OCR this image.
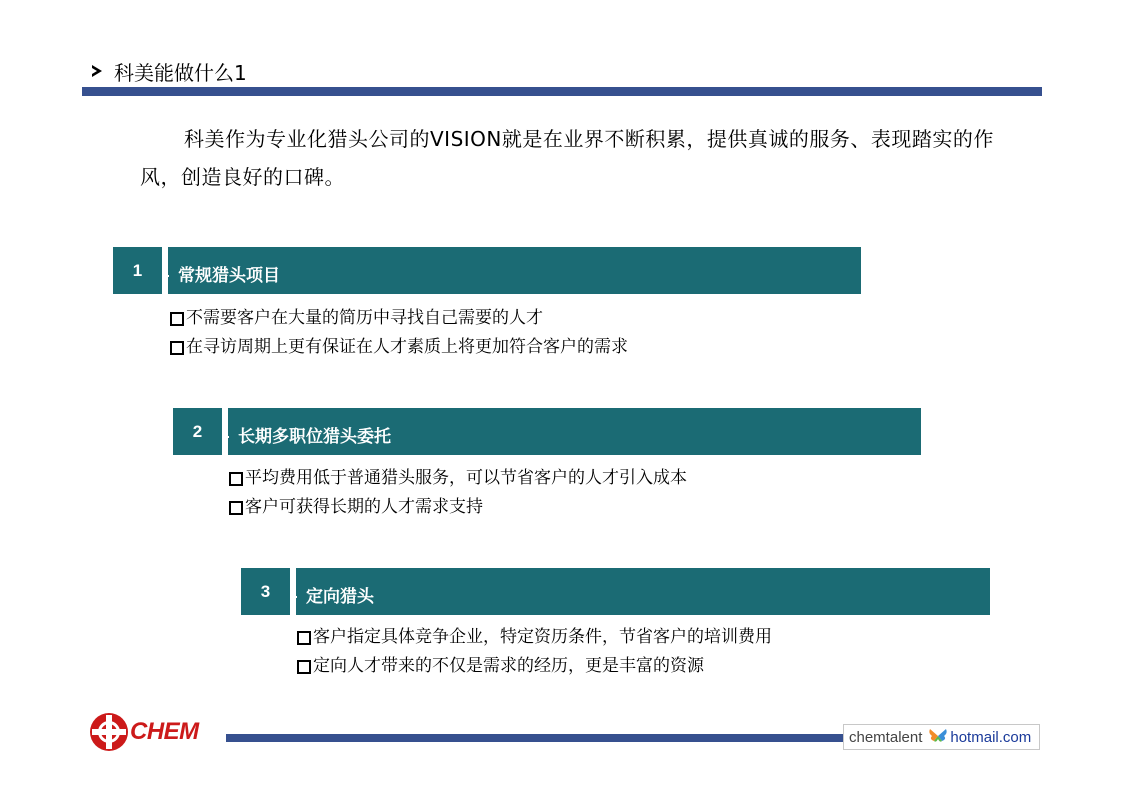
科美能做什么1
科美作为专业化猎头公司的VISION就是在业界不断积累，提供真诚的服务、表现踏实的作风，创造良好的口碑。
1	常规猎头项目
不需要客户在大量的简历中寻找自己需要的人才
在寻访周期上更有保证在人才素质上将更加符合客户的需求
2	长期多职位猎头委托
平均费用低于普通猎头服务，可以节省客户的人才引入成本
客户可获得长期的人才需求支持
3	定向猎头
客户指定具体竞争企业，特定资历条件，节省客户的培训费用
定向人才带来的不仅是需求的经历，更是丰富的资源
CHEM	chemtalent hotmail.com
